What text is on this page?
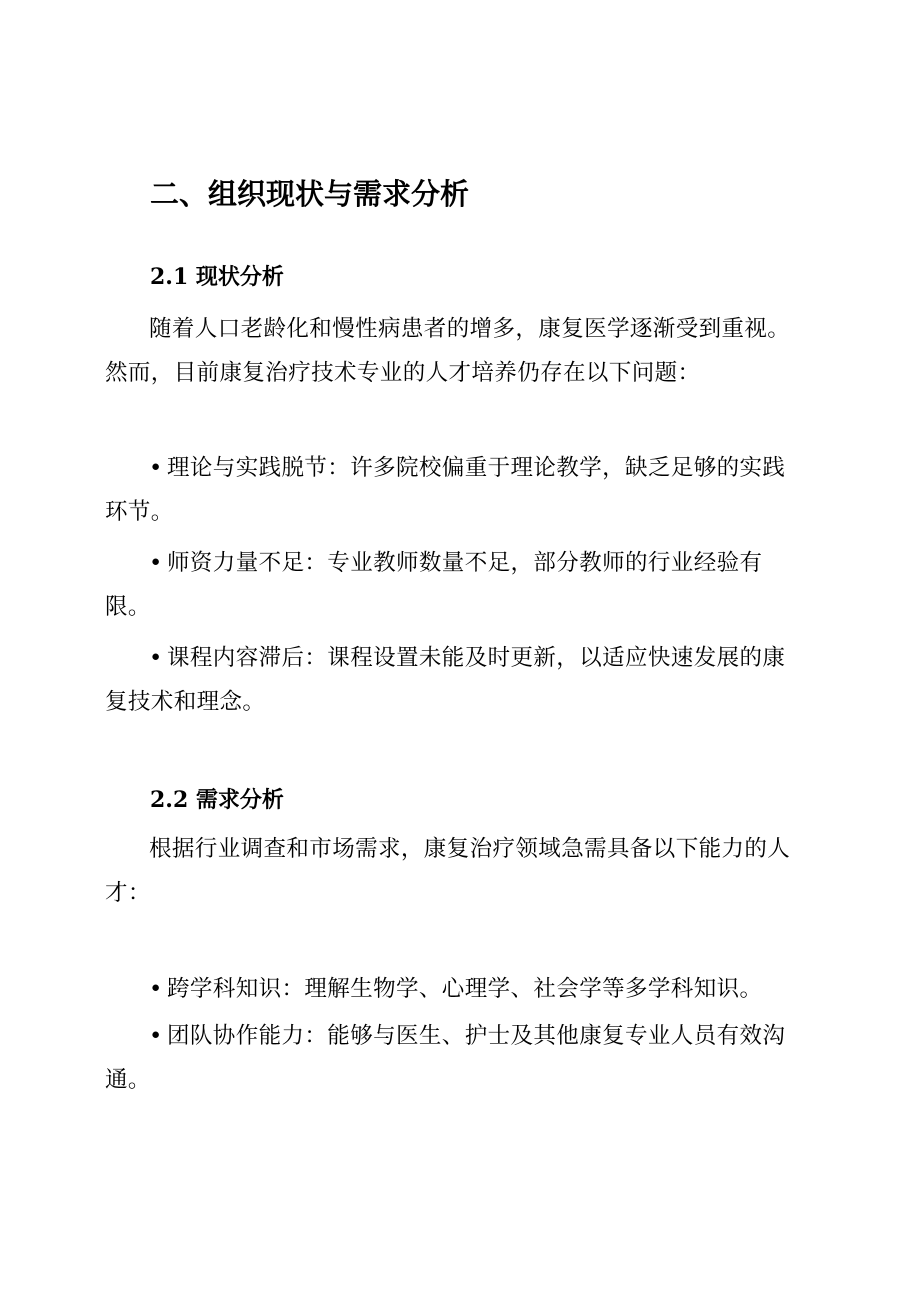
二、组织现状与需求分析
2.1 现状分析

随着人口老龄化和慢性病患者的增多，康复医学逐渐受到重视。然而，目前康复治疗技术专业的人才培养仍存在以下问题：

• 理论与实践脱节：许多院校偏重于理论教学，缺乏足够的实践环节。

• 师资力量不足：专业教师数量不足，部分教师的行业经验有限。

• 课程内容滞后：课程设置未能及时更新，以适应快速发展的康复技术和理念。

2.2 需求分析

根据行业调查和市场需求，康复治疗领域急需具备以下能力的人才：

• 跨学科知识：理解生物学、心理学、社会学等多学科知识。

• 团队协作能力：能够与医生、护士及其他康复专业人员有效沟通。
